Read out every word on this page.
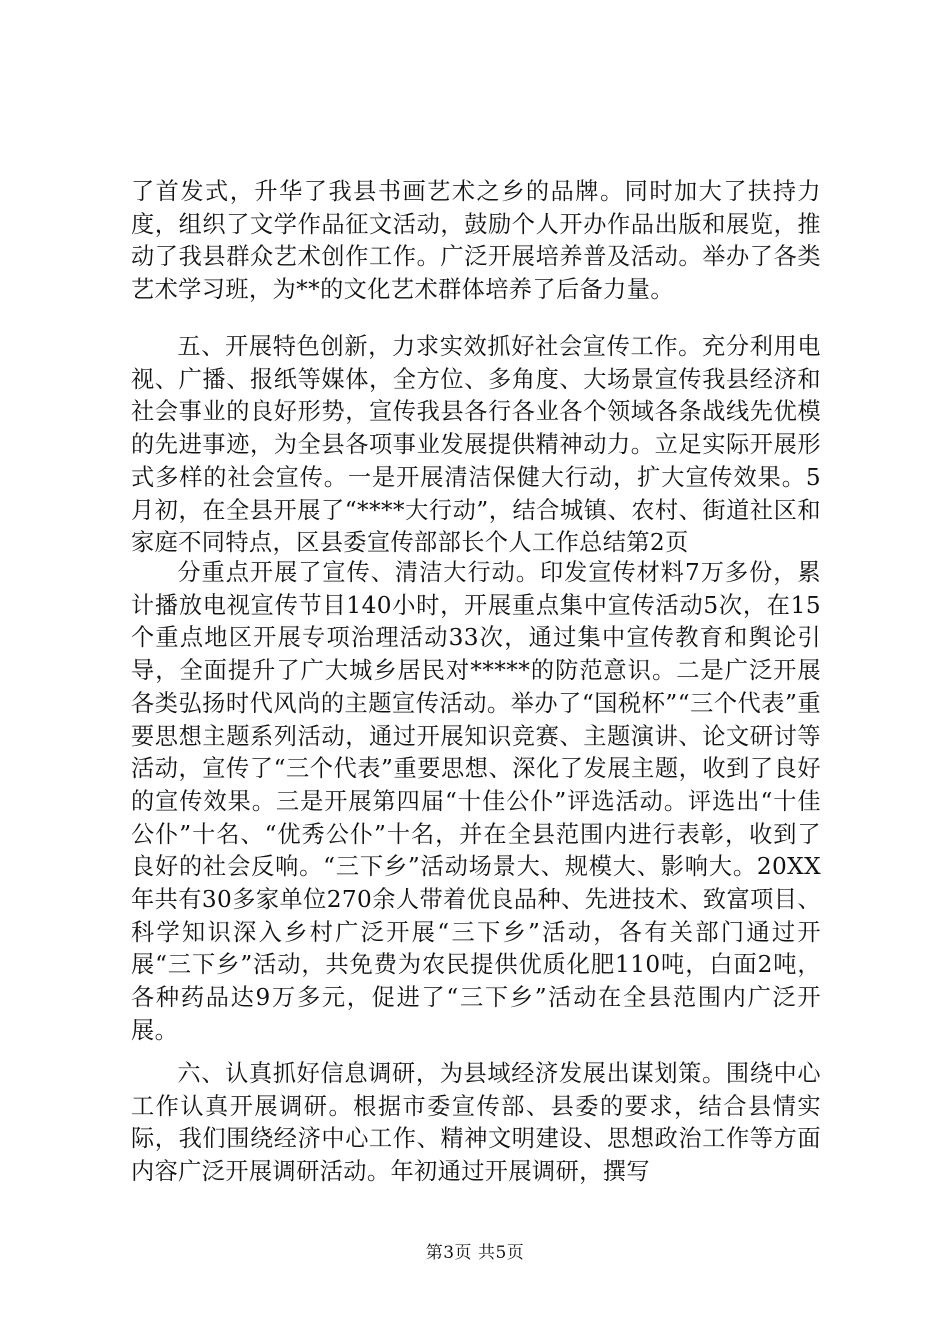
了首发式，升华了我县书画艺术之乡的品牌。同时加大了扶持力度，组织了文学作品征文活动，鼓励个人开办作品出版和展览，推动了我县群众艺术创作工作。广泛开展培养普及活动。举办了各类艺术学习班，为**的文化艺术群体培养了后备力量。

五、开展特色创新，力求实效抓好社会宣传工作。充分利用电视、广播、报纸等媒体，全方位、多角度、大场景宣传我县经济和社会事业的良好形势，宣传我县各行各业各个领域各条战线先优模的先进事迹，为全县各项事业发展提供精神动力。立足实际开展形式多样的社会宣传。一是开展清洁保健大行动，扩大宣传效果。5月初，在全县开展了“****大行动”，结合城镇、农村、街道社区和家庭不同特点，区县委宣传部部长个人工作总结第2页

分重点开展了宣传、清洁大行动。印发宣传材料7万多份，累计播放电视宣传节目140小时，开展重点集中宣传活动5次，在15个重点地区开展专项治理活动33次，通过集中宣传教育和舆论引导，全面提升了广大城乡居民对*****的防范意识。二是广泛开展各类弘扬时代风尚的主题宣传活动。举办了“国税杯”“三个代表”重要思想主题系列活动，通过开展知识竞赛、主题演讲、论文研讨等活动，宣传了“三个代表”重要思想、深化了发展主题，收到了良好的宣传效果。三是开展第四届“十佳公仆”评选活动。评选出“十佳公仆”十名、“优秀公仆”十名，并在全县范围内进行表彰，收到了良好的社会反响。“三下乡”活动场景大、规模大、影响大。20XX年共有30多家单位270余人带着优良品种、先进技术、致富项目、科学知识深入乡村广泛开展“三下乡”活动，各有关部门通过开展“三下乡”活动，共免费为农民提供优质化肥110吨，白面2吨，各种药品达9万多元，促进了“三下乡”活动在全县范围内广泛开展。

六、认真抓好信息调研，为县域经济发展出谋划策。围绕中心工作认真开展调研。根据市委宣传部、县委的要求，结合县情实际，我们围绕经济中心工作、精神文明建设、思想政治工作等方面内容广泛开展调研活动。年初通过开展调研，撰写

第3页 共5页
